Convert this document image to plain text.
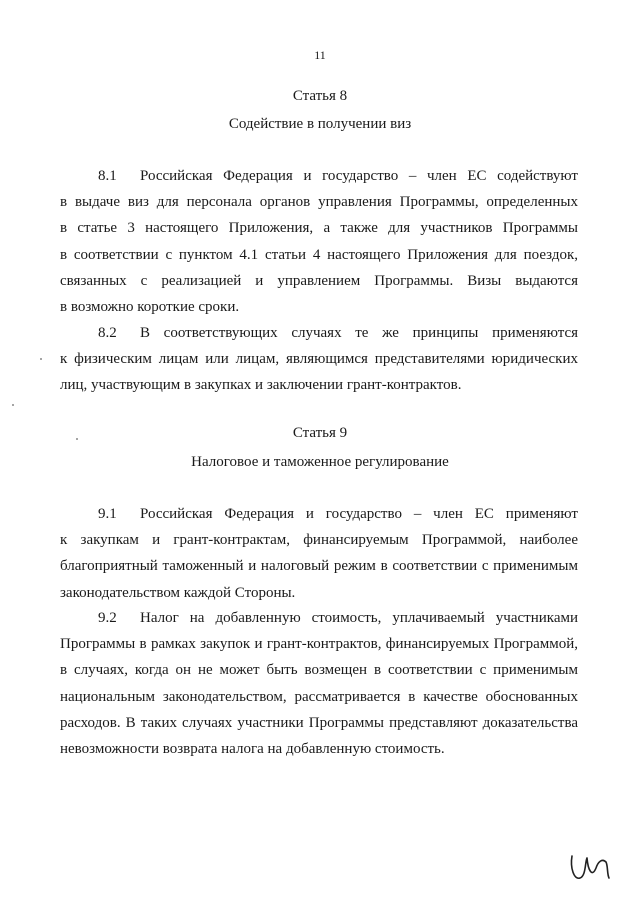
11
Статья 8
Содействие в получении виз
8.1 Российская Федерация и государство – член ЕС содействуют
в выдаче виз для персонала органов управления Программы, определенных
в статье 3 настоящего Приложения, а также для участников Программы
в соответствии с пунктом 4.1 статьи 4 настоящего Приложения для поездок,
связанных с реализацией и управлением Программы. Визы выдаются
в возможно короткие сроки.
8.2 В соответствующих случаях те же принципы применяются
к физическим лицам или лицам, являющимся представителями юридических
лиц, участвующим в закупках и заключении грант-контрактов.
Статья 9
Налоговое и таможенное регулирование
9.1 Российская Федерация и государство – член ЕС применяют
к закупкам и грант-контрактам, финансируемым Программой, наиболее
благоприятный таможенный и налоговый режим в соответствии с применимым
законодательством каждой Стороны.
9.2 Налог на добавленную стоимость, уплачиваемый участниками
Программы в рамках закупок и грант-контрактов, финансируемых Программой,
в случаях, когда он не может быть возмещен в соответствии с применимым
национальным законодательством, рассматривается в качестве обоснованных
расходов. В таких случаях участники Программы представляют доказательства
невозможности возврата налога на добавленную стоимость.
